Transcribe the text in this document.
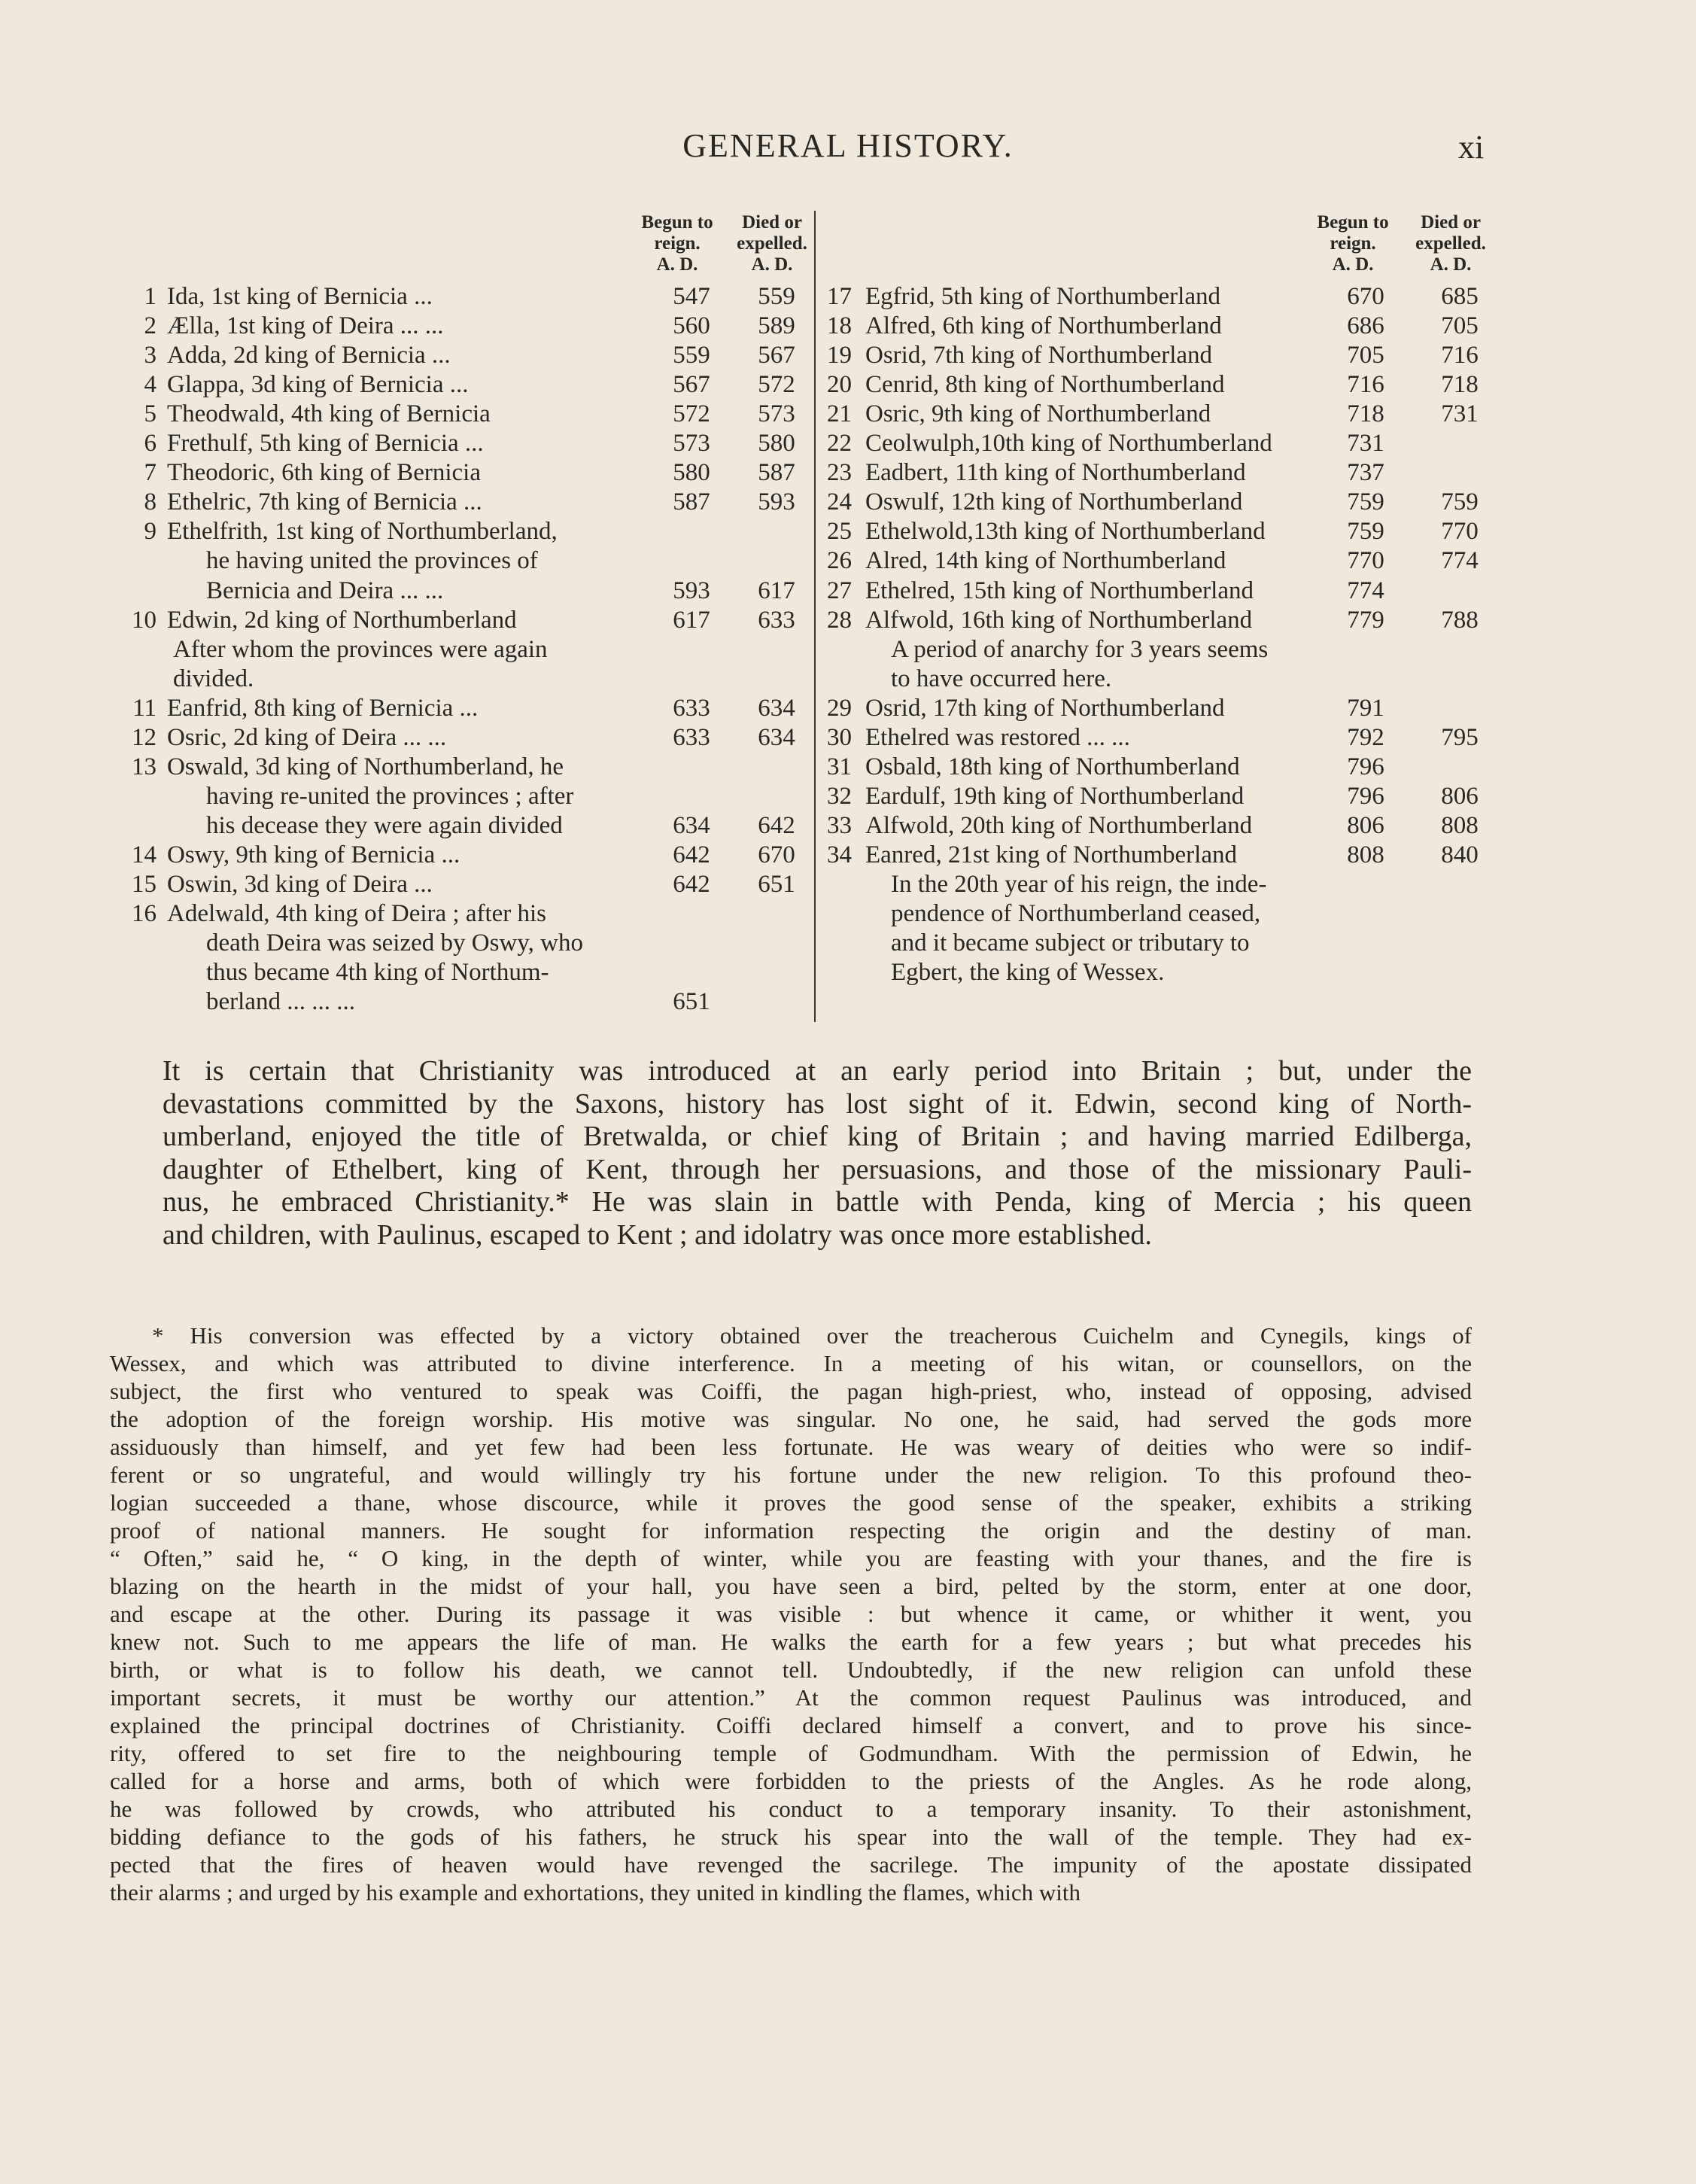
GENERAL HISTORY.	xi
Begun to
reign.
A. D.
Died or
expelled.
A. D.
Begun to
reign.
A. D.
Died or
expelled.
A. D.
1 Ida, 1st king of Bernicia ...	547	559
2 Ælla, 1st king of Deira ... ...	560	589
3 Adda, 2d king of Bernicia ...	559	567
4 Glappa, 3d king of Bernicia ...	567	572
5 Theodwald, 4th king of Bernicia	572	573
6 Frethulf, 5th king of Bernicia ...	573	580
7 Theodoric, 6th king of Bernicia	580	587
8 Ethelric, 7th king of Bernicia ...	587	593
9 Ethelfrith, 1st king of Northumberland,
he having united the provinces of
Bernicia and Deira ... ...	593	617
10 Edwin, 2d king of Northumberland	617	633
After whom the provinces were again
divided.
11 Eanfrid, 8th king of Bernicia ...	633	634
12 Osric, 2d king of Deira ... ...	633	634
13 Oswald, 3d king of Northumberland, he
having re-united the provinces ; after
his decease they were again divided	634	642
14 Oswy, 9th king of Bernicia ...	642	670
15 Oswin, 3d king of Deira ...	642	651
16 Adelwald, 4th king of Deira ; after his
death Deira was seized by Oswy, who
thus became 4th king of Northum-
berland ... ... ...	651
17 Egfrid, 5th king of Northumberland	670	685
18 Alfred, 6th king of Northumberland	686	705
19 Osrid, 7th king of Northumberland	705	716
20 Cenrid, 8th king of Northumberland	716	718
21 Osric, 9th king of Northumberland	718	731
22 Ceolwulph,10th king of Northumberland	731
23 Eadbert, 11th king of Northumberland	737
24 Oswulf, 12th king of Northumberland	759	759
25 Ethelwold,13th king of Northumberland	759	770
26 Alred, 14th king of Northumberland	770	774
27 Ethelred, 15th king of Northumberland	774
28 Alfwold, 16th king of Northumberland	779	788
A period of anarchy for 3 years seems
to have occurred here.
29 Osrid, 17th king of Northumberland	791
30 Ethelred was restored ... ...	792	795
31 Osbald, 18th king of Northumberland	796
32 Eardulf, 19th king of Northumberland	796	806
33 Alfwold, 20th king of Northumberland	806	808
34 Eanred, 21st king of Northumberland	808	840
In the 20th year of his reign, the inde-
pendence of Northumberland ceased,
and it became subject or tributary to
Egbert, the king of Wessex.
It is certain that Christianity was introduced at an early period into Britain ; but, under the
devastations committed by the Saxons, history has lost sight of it. Edwin, second king of North-
umberland, enjoyed the title of Bretwalda, or chief king of Britain ; and having married Edilberga,
daughter of Ethelbert, king of Kent, through her persuasions, and those of the missionary Pauli-
nus, he embraced Christianity.* He was slain in battle with Penda, king of Mercia ; his queen
and children, with Paulinus, escaped to Kent ; and idolatry was once more established.
* His conversion was effected by a victory obtained over the treacherous Cuichelm and Cynegils, kings of
Wessex, and which was attributed to divine interference. In a meeting of his witan, or counsellors, on the
subject, the first who ventured to speak was Coiffi, the pagan high-priest, who, instead of opposing, advised
the adoption of the foreign worship. His motive was singular. No one, he said, had served the gods more
assiduously than himself, and yet few had been less fortunate. He was weary of deities who were so indif-
ferent or so ungrateful, and would willingly try his fortune under the new religion. To this profound theo-
logian succeeded a thane, whose discource, while it proves the good sense of the speaker, exhibits a striking
proof of national manners. He sought for information respecting the origin and the destiny of man.
“ Often,” said he, “ O king, in the depth of winter, while you are feasting with your thanes, and the fire is
blazing on the hearth in the midst of your hall, you have seen a bird, pelted by the storm, enter at one door,
and escape at the other. During its passage it was visible : but whence it came, or whither it went, you
knew not. Such to me appears the life of man. He walks the earth for a few years ; but what precedes his
birth, or what is to follow his death, we cannot tell. Undoubtedly, if the new religion can unfold these
important secrets, it must be worthy our attention.” At the common request Paulinus was introduced, and
explained the principal doctrines of Christianity. Coiffi declared himself a convert, and to prove his since-
rity, offered to set fire to the neighbouring temple of Godmundham. With the permission of Edwin, he
called for a horse and arms, both of which were forbidden to the priests of the Angles. As he rode along,
he was followed by crowds, who attributed his conduct to a temporary insanity. To their astonishment,
bidding defiance to the gods of his fathers, he struck his spear into the wall of the temple. They had ex-
pected that the fires of heaven would have revenged the sacrilege. The impunity of the apostate dissipated
their alarms ; and urged by his example and exhortations, they united in kindling the flames, which with
